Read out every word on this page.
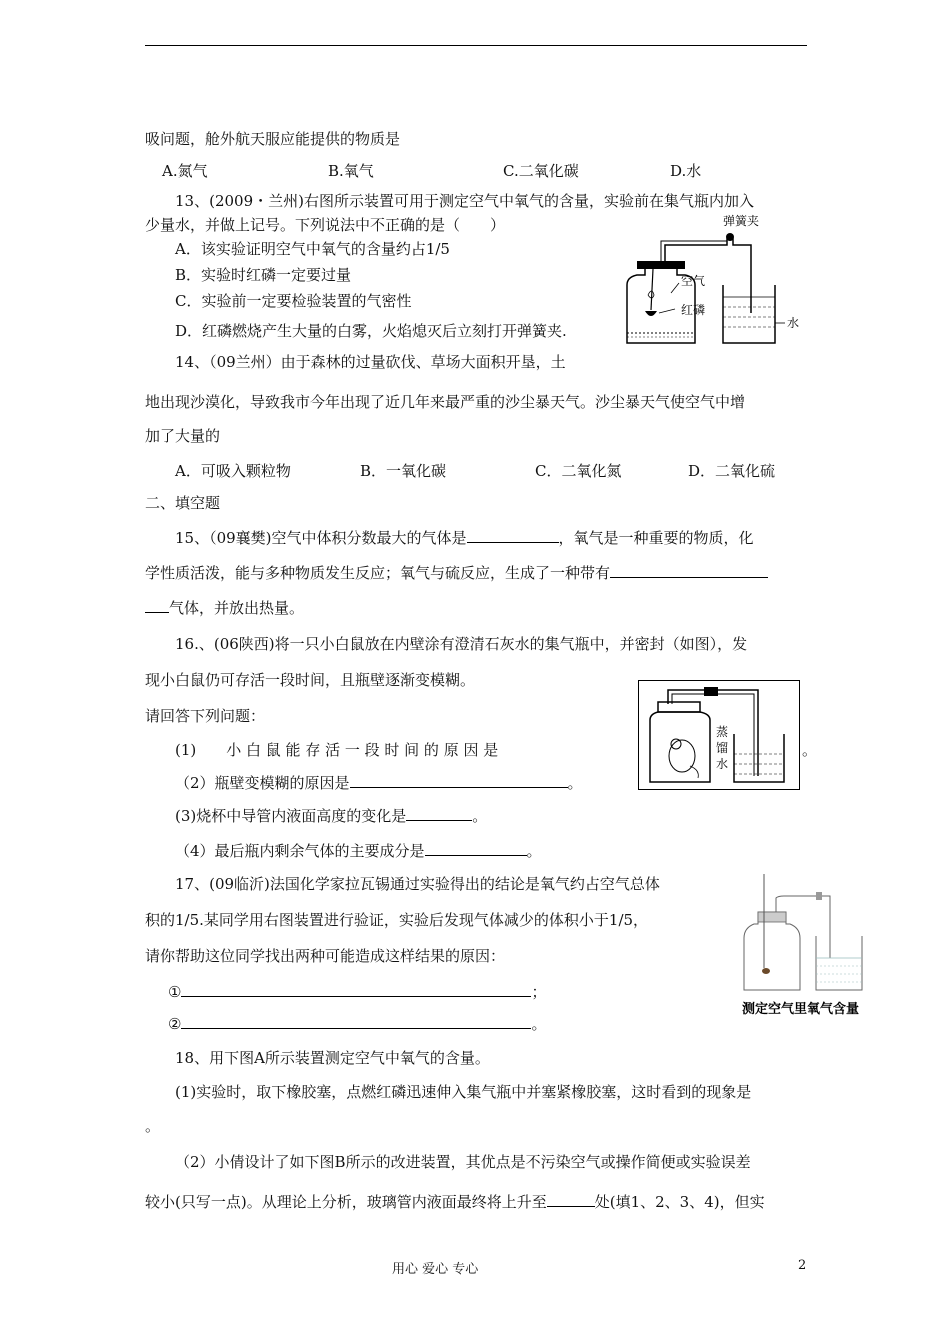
吸问题，舱外航天服应能提供的物质是
A.氮气	B.氧气	C.二氧化碳	D.水
13、(2009・兰州)右图所示装置可用于测定空气中氧气的含量，实验前在集气瓶内加入
少量水，并做上记号。下列说法中不正确的是（　　）
A．该实验证明空气中氧气的含量约占1/5
B．实验时红磷一定要过量
C．实验前一定要检验装置的气密性
D．红磷燃烧产生大量的白雾，火焰熄灭后立刻打开弹簧夹.
弹簧夹
空气
红磷
水
14、（09兰州）由于森林的过量砍伐、草场大面积开垦，土
地出现沙漠化，导致我市今年出现了近几年来最严重的沙尘暴天气。沙尘暴天气使空气中增
加了大量的
A．可吸入颗粒物	B．一氧化碳	C．二氧化氮	D．二氧化硫
二、填空题
15、（09襄樊)空气中体积分数最大的气体是	，氧气是一种重要的物质，化
学性质活泼，能与多种物质发生反应；氧气与硫反应，生成了一种带有
气体，并放出热量。
16.、(06陕西)将一只小白鼠放在内壁涂有澄清石灰水的集气瓶中，并密封（如图），发
现小白鼠仍可存活一段时间，且瓶壁逐渐变模糊。
请回答下列问题：
(1)　　小 白 鼠 能 存 活 一 段 时 间 的 原 因 是	。
（2）瓶壁变模糊的原因是	。
(3)烧杯中导管内液面高度的变化是	。
（4）最后瓶内剩余气体的主要成分是	。
蒸 馏 水
17、(09临沂)法国化学家拉瓦锡通过实验得出的结论是氧气约占空气总体
积的1/5.某同学用右图装置进行验证，实验后发现气体减少的体积小于1/5，
请你帮助这位同学找出两种可能造成这样结果的原因：
①	；
②	。
测定空气里氧气含量
18、用下图A所示装置测定空气中氧气的含量。
(1)实验时，取下橡胶塞，点燃红磷迅速伸入集气瓶中并塞紧橡胶塞，这时看到的现象是
。
（2）小倩设计了如下图B所示的改进装置，其优点是不污染空气或操作简便或实验误差
较小(只写一点)。从理论上分析，玻璃管内液面最终将上升至	处(填1、2、3、4)，但实
用心 爱心 专心	2
